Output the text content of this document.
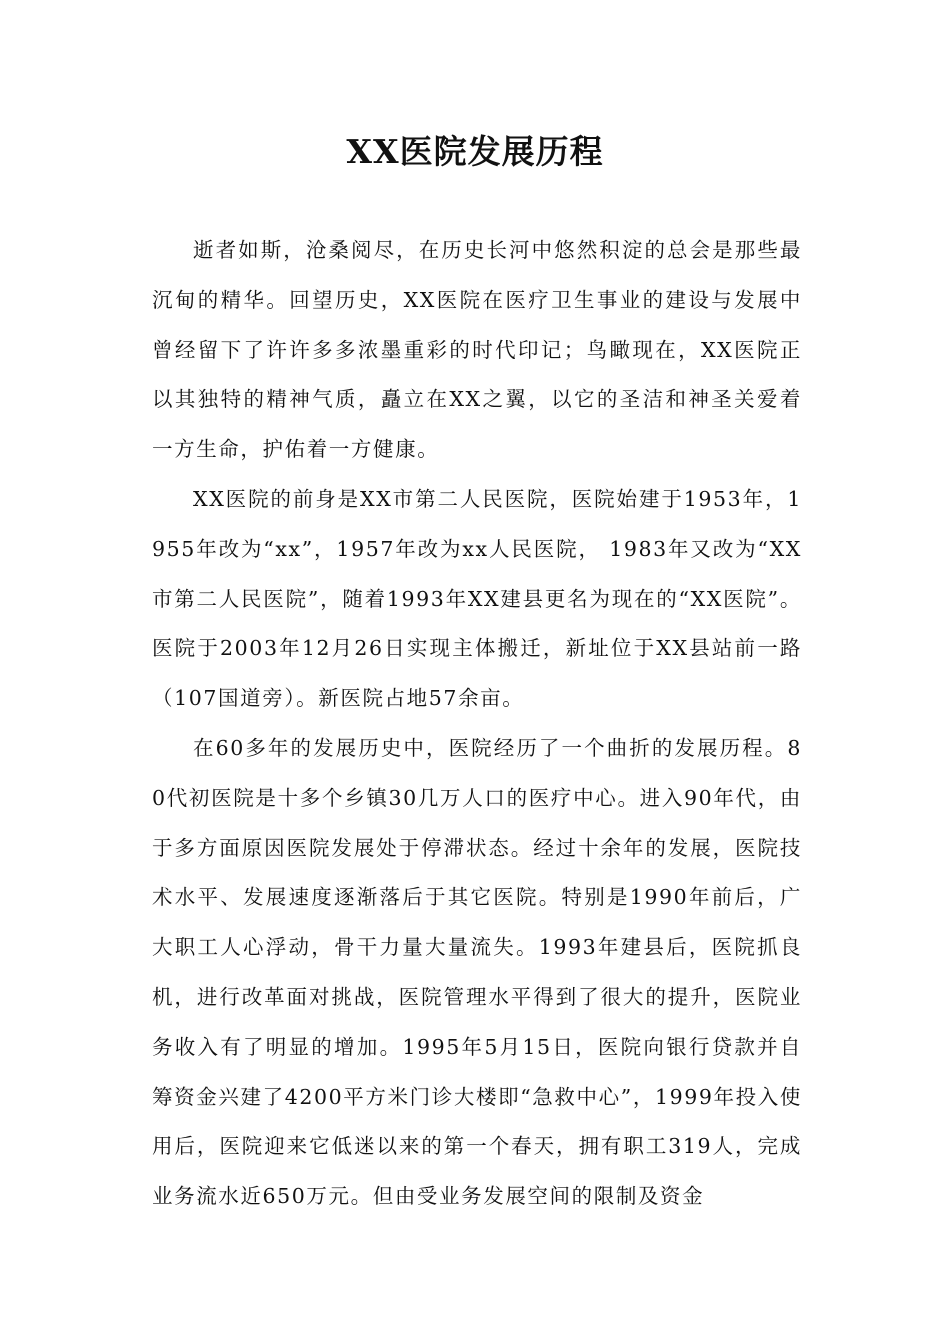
XX医院发展历程

逝者如斯，沧桑阅尽，在历史长河中悠然积淀的总会是那些最沉甸的精华。回望历史，XX医院在医疗卫生事业的建设与发展中曾经留下了许许多多浓墨重彩的时代印记；鸟瞰现在，XX医院正以其独特的精神气质，矗立在XX之翼，以它的圣洁和神圣关爱着一方生命，护佑着一方健康。

XX医院的前身是XX市第二人民医院，医院始建于1953年，1955年改为“xx”，1957年改为xx人民医院， 1983年又改为“XX市第二人民医院”，随着1993年XX建县更名为现在的“XX医院”。医院于2003年12月26日实现主体搬迁，新址位于XX县站前一路（107国道旁）。新医院占地57余亩。

在60多年的发展历史中，医院经历了一个曲折的发展历程。80代初医院是十多个乡镇30几万人口的医疗中心。进入90年代，由于多方面原因医院发展处于停滞状态。经过十余年的发展，医院技术水平、发展速度逐渐落后于其它医院。特别是1990年前后，广大职工人心浮动，骨干力量大量流失。1993年建县后，医院抓良机，进行改革面对挑战，医院管理水平得到了很大的提升，医院业务收入有了明显的增加。1995年5月15日，医院向银行贷款并自筹资金兴建了4200平方米门诊大楼即“急救中心”，1999年投入使用后，医院迎来它低迷以来的第一个春天，拥有职工319人，完成业务流水近650万元。但由受业务发展空间的限制及资金
